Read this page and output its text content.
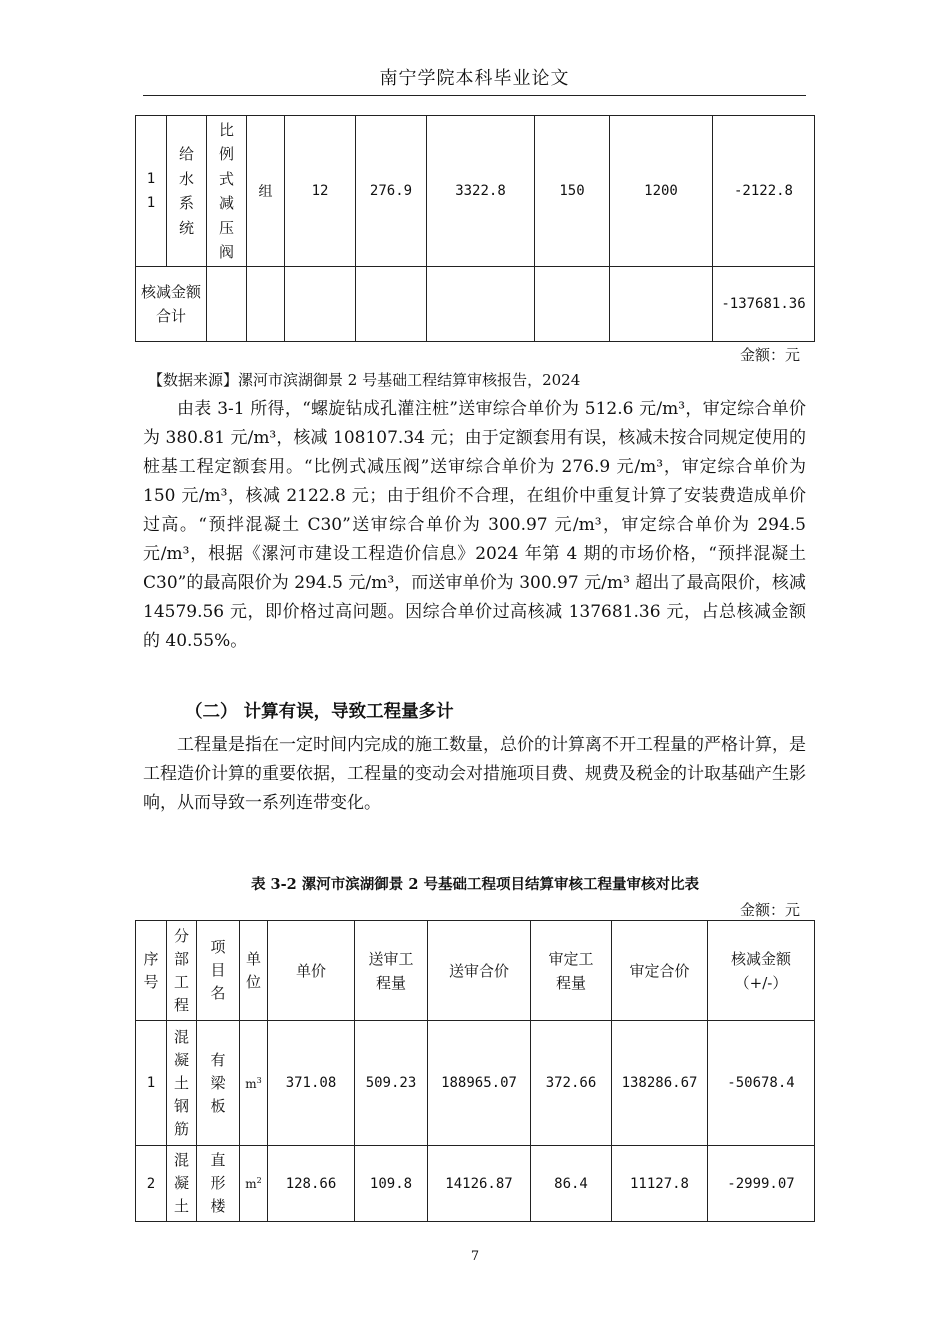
南宁学院本科毕业论文
11	给水系统	比例式减压阀	组	12	276.9	3322.8	150	1200	-2122.8
核减金额合计									-137681.36
金额：元
【数据来源】漯河市滨湖御景 2 号基础工程结算审核报告，2024

由表 3-1 所得，“螺旋钻成孔灌注桩”送审综合单价为 512.6 元/m³，审定综合单价为 380.81 元/m³，核减 108107.34 元；由于定额套用有误，核减未按合同规定使用的桩基工程定额套用。“比例式减压阀”送审综合单价为 276.9 元/m³，审定综合单价为 150 元/m³，核减 2122.8 元；由于组价不合理，在组价中重复计算了安装费造成单价过高。“预拌混凝土 C30”送审综合单价为 300.97 元/m³，审定综合单价为 294.5 元/m³，根据《漯河市建设工程造价信息》2024 年第 4 期的市场价格，“预拌混凝土 C30”的最高限价为 294.5 元/m³，而送审单价为 300.97 元/m³ 超出了最高限价，核减 14579.56 元，即价格过高问题。因综合单价过高核减 137681.36 元，占总核减金额的 40.55%。

（二） 计算有误，导致工程量多计

工程量是指在一定时间内完成的施工数量，总价的计算离不开工程量的严格计算，是工程造价计算的重要依据，工程量的变动会对措施项目费、规费及税金的计取基础产生影响，从而导致一系列连带变化。

表 3-2 漯河市滨湖御景 2 号基础工程项目结算审核工程量审核对比表
金额：元
序号	分部工程	项目名	单位	单价	送审工程量	送审合价	审定工程量	审定合价	核减金额（+/-）
1	混凝土钢筋	有梁板	$m^3$	371.08	509.23	188965.07	372.66	138286.67	-50678.4
2	混凝土	直形楼	$m^2$	128.66	109.8	14126.87	86.4	11127.8	-2999.07
7
